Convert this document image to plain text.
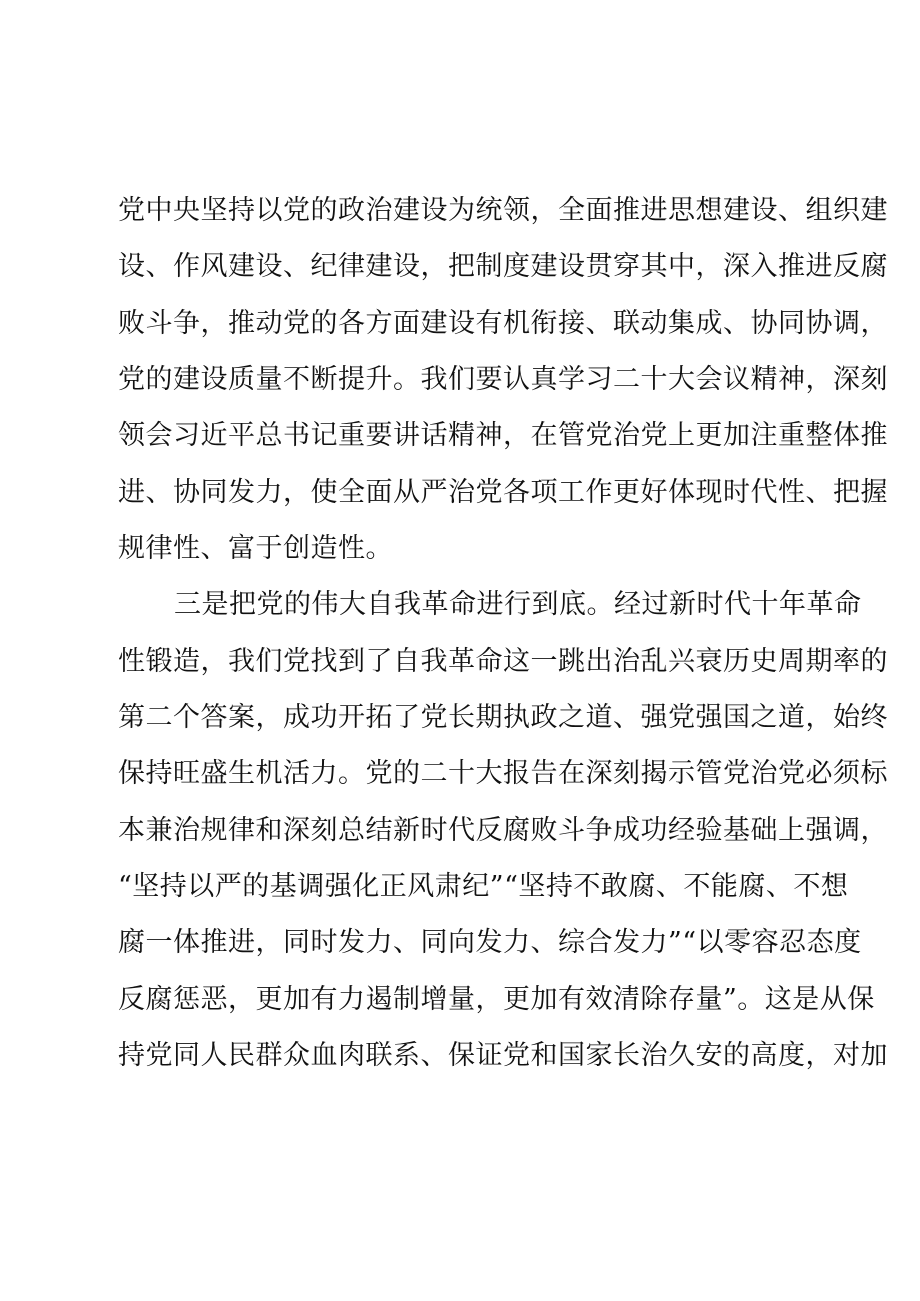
党中央坚持以党的政治建设为统领，全面推进思想建设、组织建
设、作风建设、纪律建设，把制度建设贯穿其中，深入推进反腐
败斗争，推动党的各方面建设有机衔接、联动集成、协同协调，
党的建设质量不断提升。我们要认真学习二十大会议精神，深刻
领会习近平总书记重要讲话精神，在管党治党上更加注重整体推
进、协同发力，使全面从严治党各项工作更好体现时代性、把握
规律性、富于创造性。
三是把党的伟大自我革命进行到底。经过新时代十年革命
性锻造，我们党找到了自我革命这一跳出治乱兴衰历史周期率的
第二个答案，成功开拓了党长期执政之道、强党强国之道，始终
保持旺盛生机活力。党的二十大报告在深刻揭示管党治党必须标
本兼治规律和深刻总结新时代反腐败斗争成功经验基础上强调，
“坚持以严的基调强化正风肃纪”“坚持不敢腐、不能腐、不想
腐一体推进，同时发力、同向发力、综合发力”“以零容忍态度
反腐惩恶，更加有力遏制增量，更加有效清除存量”。这是从保
持党同人民群众血肉联系、保证党和国家长治久安的高度，对加
